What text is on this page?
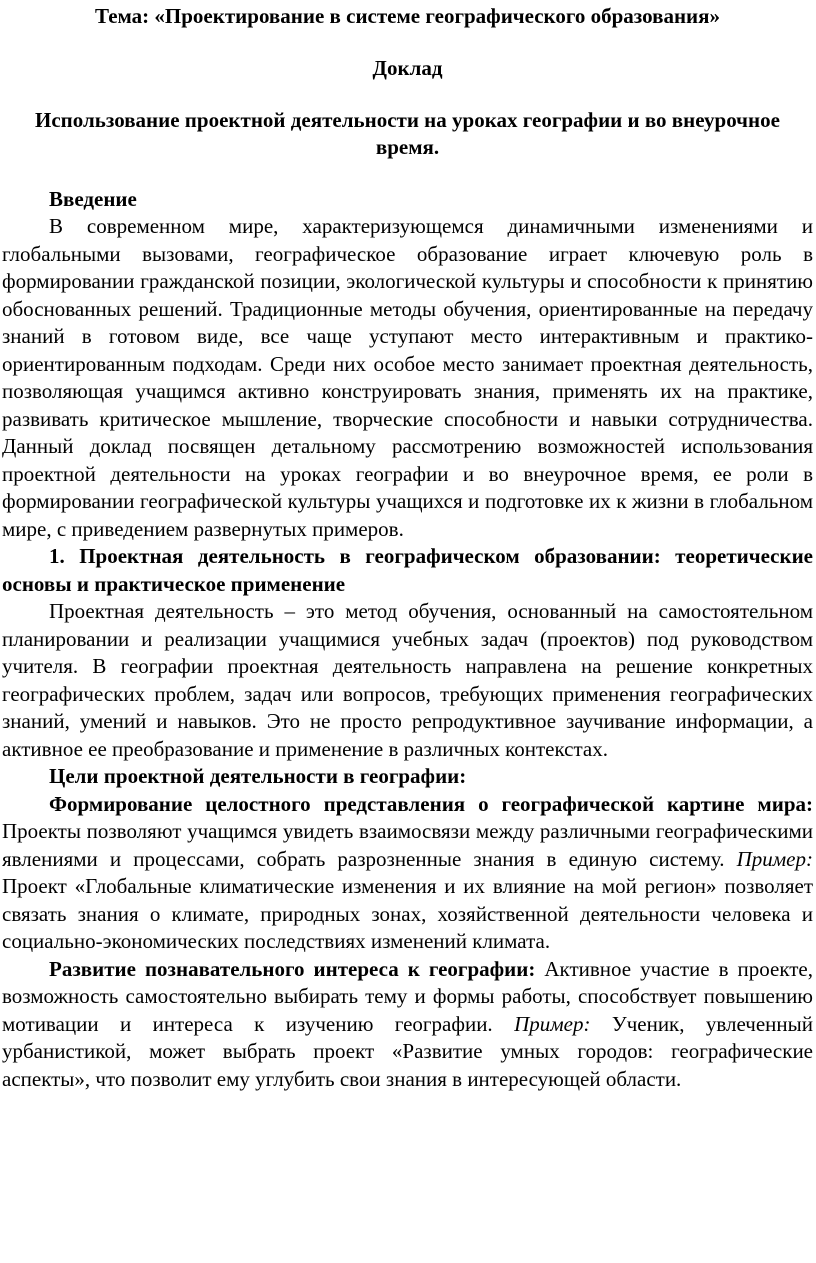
Тема: «Проектирование в системе географического образования»
Доклад
Использование проектной деятельности на уроках географии и во внеурочное время.
Введение

В современном мире, характеризующемся динамичными изменениями и глобальными вызовами, географическое образование играет ключевую роль в формировании гражданской позиции, экологической культуры и способности к принятию обоснованных решений. Традиционные методы обучения, ориентированные на передачу знаний в готовом виде, все чаще уступают место интерактивным и практико-ориентированным подходам. Среди них особое место занимает проектная деятельность, позволяющая учащимся активно конструировать знания, применять их на практике, развивать критическое мышление, творческие способности и навыки сотрудничества. Данный доклад посвящен детальному рассмотрению возможностей использования проектной деятельности на уроках географии и во внеурочное время, ее роли в формировании географической культуры учащихся и подготовке их к жизни в глобальном мире, с приведением развернутых примеров.

1. Проектная деятельность в географическом образовании: теоретические основы и практическое применение

Проектная деятельность – это метод обучения, основанный на самостоятельном планировании и реализации учащимися учебных задач (проектов) под руководством учителя. В географии проектная деятельность направлена на решение конкретных географических проблем, задач или вопросов, требующих применения географических знаний, умений и навыков. Это не просто репродуктивное заучивание информации, а активное ее преобразование и применение в различных контекстах.

Цели проектной деятельности в географии:

Формирование целостного представления о географической картине мира: Проекты позволяют учащимся увидеть взаимосвязи между различными географическими явлениями и процессами, собрать разрозненные знания в единую систему. Пример: Проект «Глобальные климатические изменения и их влияние на мой регион» позволяет связать знания о климате, природных зонах, хозяйственной деятельности человека и социально-экономических последствиях изменений климата.

Развитие познавательного интереса к географии: Активное участие в проекте, возможность самостоятельно выбирать тему и формы работы, способствует повышению мотивации и интереса к изучению географии. Пример: Ученик, увлеченный урбанистикой, может выбрать проект «Развитие умных городов: географические аспекты», что позволит ему углубить свои знания в интересующей области.
